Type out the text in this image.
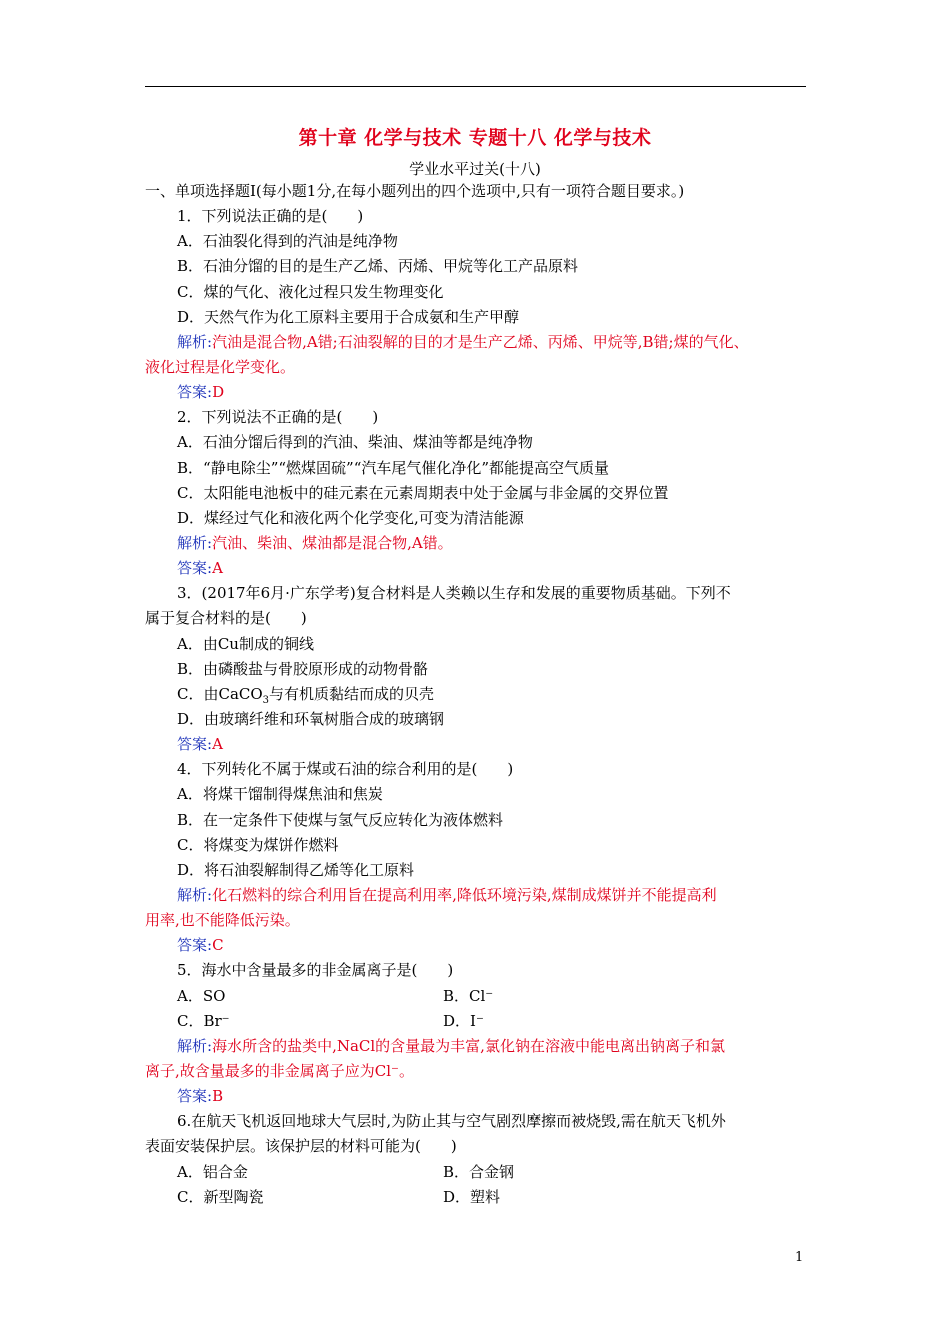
第十章 化学与技术 专题十八 化学与技术
学业水平过关(十八)
一、单项选择题Ⅰ(每小题1分,在每小题列出的四个选项中,只有一项符合题目要求。)
1．下列说法正确的是(　　)
A．石油裂化得到的汽油是纯净物
B．石油分馏的目的是生产乙烯、丙烯、甲烷等化工产品原料
C．煤的气化、液化过程只发生物理变化
D．天然气作为化工原料主要用于合成氨和生产甲醇
解析:汽油是混合物,A错;石油裂解的目的才是生产乙烯、丙烯、甲烷等,B错;煤的气化、
液化过程是化学变化。
答案:D
2．下列说法不正确的是(　　)
A．石油分馏后得到的汽油、柴油、煤油等都是纯净物
B．“静电除尘”“燃煤固硫”“汽车尾气催化净化”都能提高空气质量
C．太阳能电池板中的硅元素在元素周期表中处于金属与非金属的交界位置
D．煤经过气化和液化两个化学变化,可变为清洁能源
解析:汽油、柴油、煤油都是混合物,A错。
答案:A
3．(2017年6月·广东学考)复合材料是人类赖以生存和发展的重要物质基础。下列不
属于复合材料的是(　　)
A．由Cu制成的铜线
B．由磷酸盐与骨胶原形成的动物骨骼
C．由CaCO$_3$与有机质黏结而成的贝壳
D．由玻璃纤维和环氧树脂合成的玻璃钢
答案:A
4．下列转化不属于煤或石油的综合利用的是(　　)
A．将煤干馏制得煤焦油和焦炭
B．在一定条件下使煤与氢气反应转化为液体燃料
C．将煤变为煤饼作燃料
D．将石油裂解制得乙烯等化工原料
解析:化石燃料的综合利用旨在提高利用率,降低环境污染,煤制成煤饼并不能提高利
用率,也不能降低污染。
答案:C
5．海水中含量最多的非金属离子是(　　)
A．SO	B．Cl⁻
C．Br⁻	D．I⁻
解析:海水所含的盐类中,NaCl的含量最为丰富,氯化钠在溶液中能电离出钠离子和氯
离子,故含量最多的非金属离子应为Cl⁻。
答案:B
6.在航天飞机返回地球大气层时,为防止其与空气剧烈摩擦而被烧毁,需在航天飞机外
表面安装保护层。该保护层的材料可能为(　　)
A．铝合金	B．合金钢
C．新型陶瓷	D．塑料
1
